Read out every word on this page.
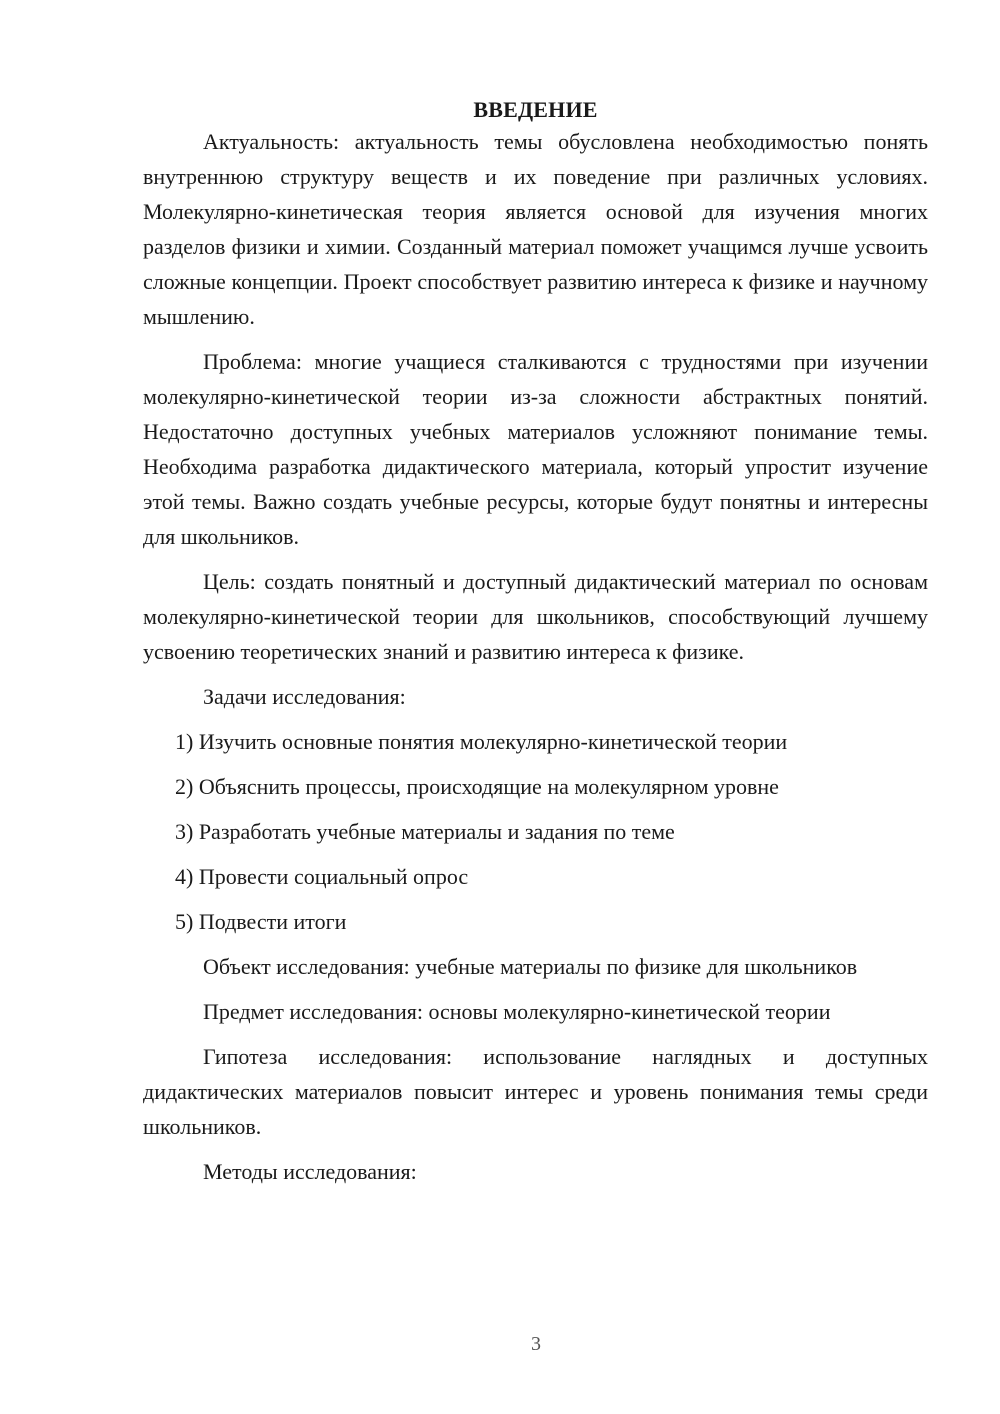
ВВЕДЕНИЕ

Актуальность: актуальность темы обусловлена необходимостью понять внутреннюю структуру веществ и их поведение при различных условиях. Молекулярно-кинетическая теория является основой для изучения многих разделов физики и химии. Созданный материал поможет учащимся лучше усвоить сложные концепции. Проект способствует развитию интереса к физике и научному мышлению.

Проблема: многие учащиеся сталкиваются с трудностями при изучении молекулярно-кинетической теории из-за сложности абстрактных понятий. Недостаточно доступных учебных материалов усложняют понимание темы. Необходима разработка дидактического материала, который упростит изучение этой темы. Важно создать учебные ресурсы, которые будут понятны и интересны для школьников.

Цель: создать понятный и доступный дидактический материал по основам молекулярно-кинетической теории для школьников, способствующий лучшему усвоению теоретических знаний и развитию интереса к физике.

Задачи исследования:

1) Изучить основные понятия молекулярно-кинетической теории
2) Объяснить процессы, происходящие на молекулярном уровне
3) Разработать учебные материалы и задания по теме
4) Провести социальный опрос
5) Подвести итоги

Объект исследования: учебные материалы по физике для школьников

Предмет исследования: основы молекулярно-кинетической теории

Гипотеза исследования: использование наглядных и доступных дидактических материалов повысит интерес и уровень понимания темы среди школьников.

Методы исследования:

3
